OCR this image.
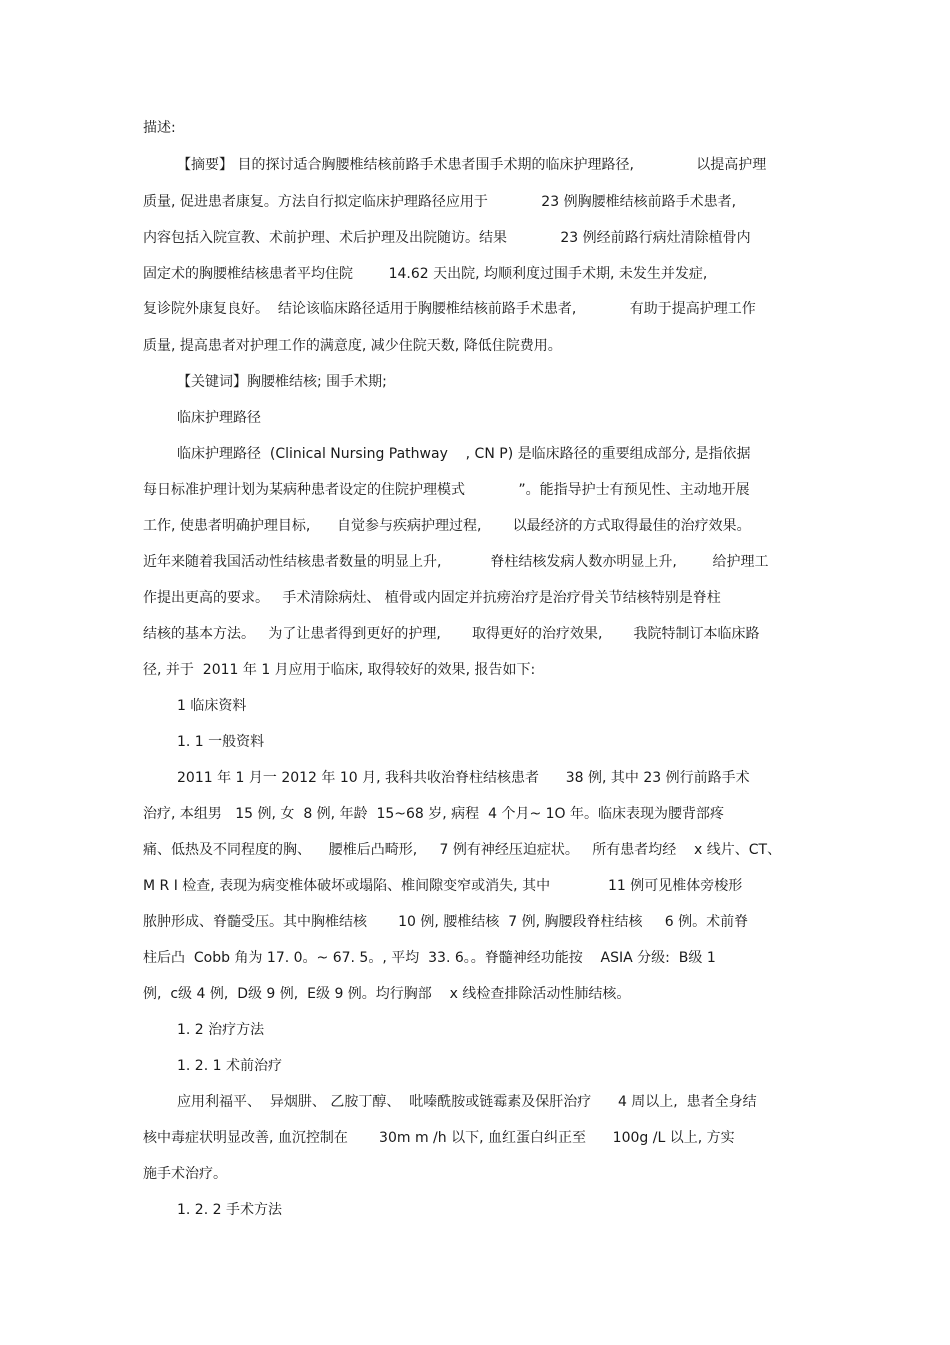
描述:
【摘要】 目的探讨适合胸腰椎结核前路手术患者围手术期的临床护理路径,              以提高护理
质量, 促进患者康复。方法自行拟定临床护理路径应用于            23 例胸腰椎结核前路手术患者,
内容包括入院宣教、术前护理、术后护理及出院随访。结果            23 例经前路行病灶清除植骨内
固定术的胸腰椎结核患者平均住院        14.62 天出院, 均顺利度过围手术期, 未发生并发症,
复诊院外康复良好。  结论该临床路径适用于胸腰椎结核前路手术患者,            有助于提高护理工作
质量, 提高患者对护理工作的满意度, 减少住院天数, 降低住院费用。
【关键词】胸腰椎结核; 围手术期;
临床护理路径
临床护理路径  (Clinical Nursing Pathway    , CN P) 是临床路径的重要组成部分, 是指依据
每日标准护理计划为某病种患者设定的住院护理模式            ”。能指导护士有预见性、主动地开展
工作, 使患者明确护理目标,      自觉参与疾病护理过程,       以最经济的方式取得最佳的治疗效果。
近年来随着我国活动性结核患者数量的明显上升,           脊柱结核发病人数亦明显上升,        给护理工
作提出更高的要求。   手术清除病灶、 植骨或内固定并抗痨治疗是治疗骨关节结核特别是脊柱
结核的基本方法。   为了让患者得到更好的护理,       取得更好的治疗效果,       我院特制订本临床路
径, 并于  2011 年 1 月应用于临床, 取得较好的效果, 报告如下:
1 临床资料
1. 1 一般资料
2011 年 1 月一 2012 年 10 月, 我科共收治脊柱结核患者      38 例, 其中 23 例行前路手术
治疗, 本组男   15 例, 女  8 例, 年龄  15~68 岁, 病程  4 个月~ 1O 年。临床表现为腰背部疼
痛、低热及不同程度的胸、    腰椎后凸畸形,     7 例有神经压迫症状。   所有患者均经    x 线片、CT、
M R I 检查, 表现为病变椎体破坏或塌陷、椎间隙变窄或消失, 其中             11 例可见椎体旁梭形
脓肿形成、脊髓受压。其中胸椎结核       10 例, 腰椎结核  7 例, 胸腰段脊柱结核     6 例。术前脊
柱后凸  Cobb 角为 17. 0。~ 67. 5。, 平均  33. 6。。脊髓神经功能按    ASIA 分级:  B级 1
例,  c级 4 例,  D级 9 例,  E级 9 例。均行胸部    x 线检查排除活动性肺结核。
1. 2 治疗方法
1. 2. 1 术前治疗
应用利福平、  异烟肼、 乙胺丁醇、  吡嗪酰胺或链霉素及保肝治疗      4 周以上,  患者全身结
核中毒症状明显改善, 血沉控制在       30m m /h 以下, 血红蛋白纠正至      100g /L 以上, 方实
施手术治疗。
1. 2. 2 手术方法
